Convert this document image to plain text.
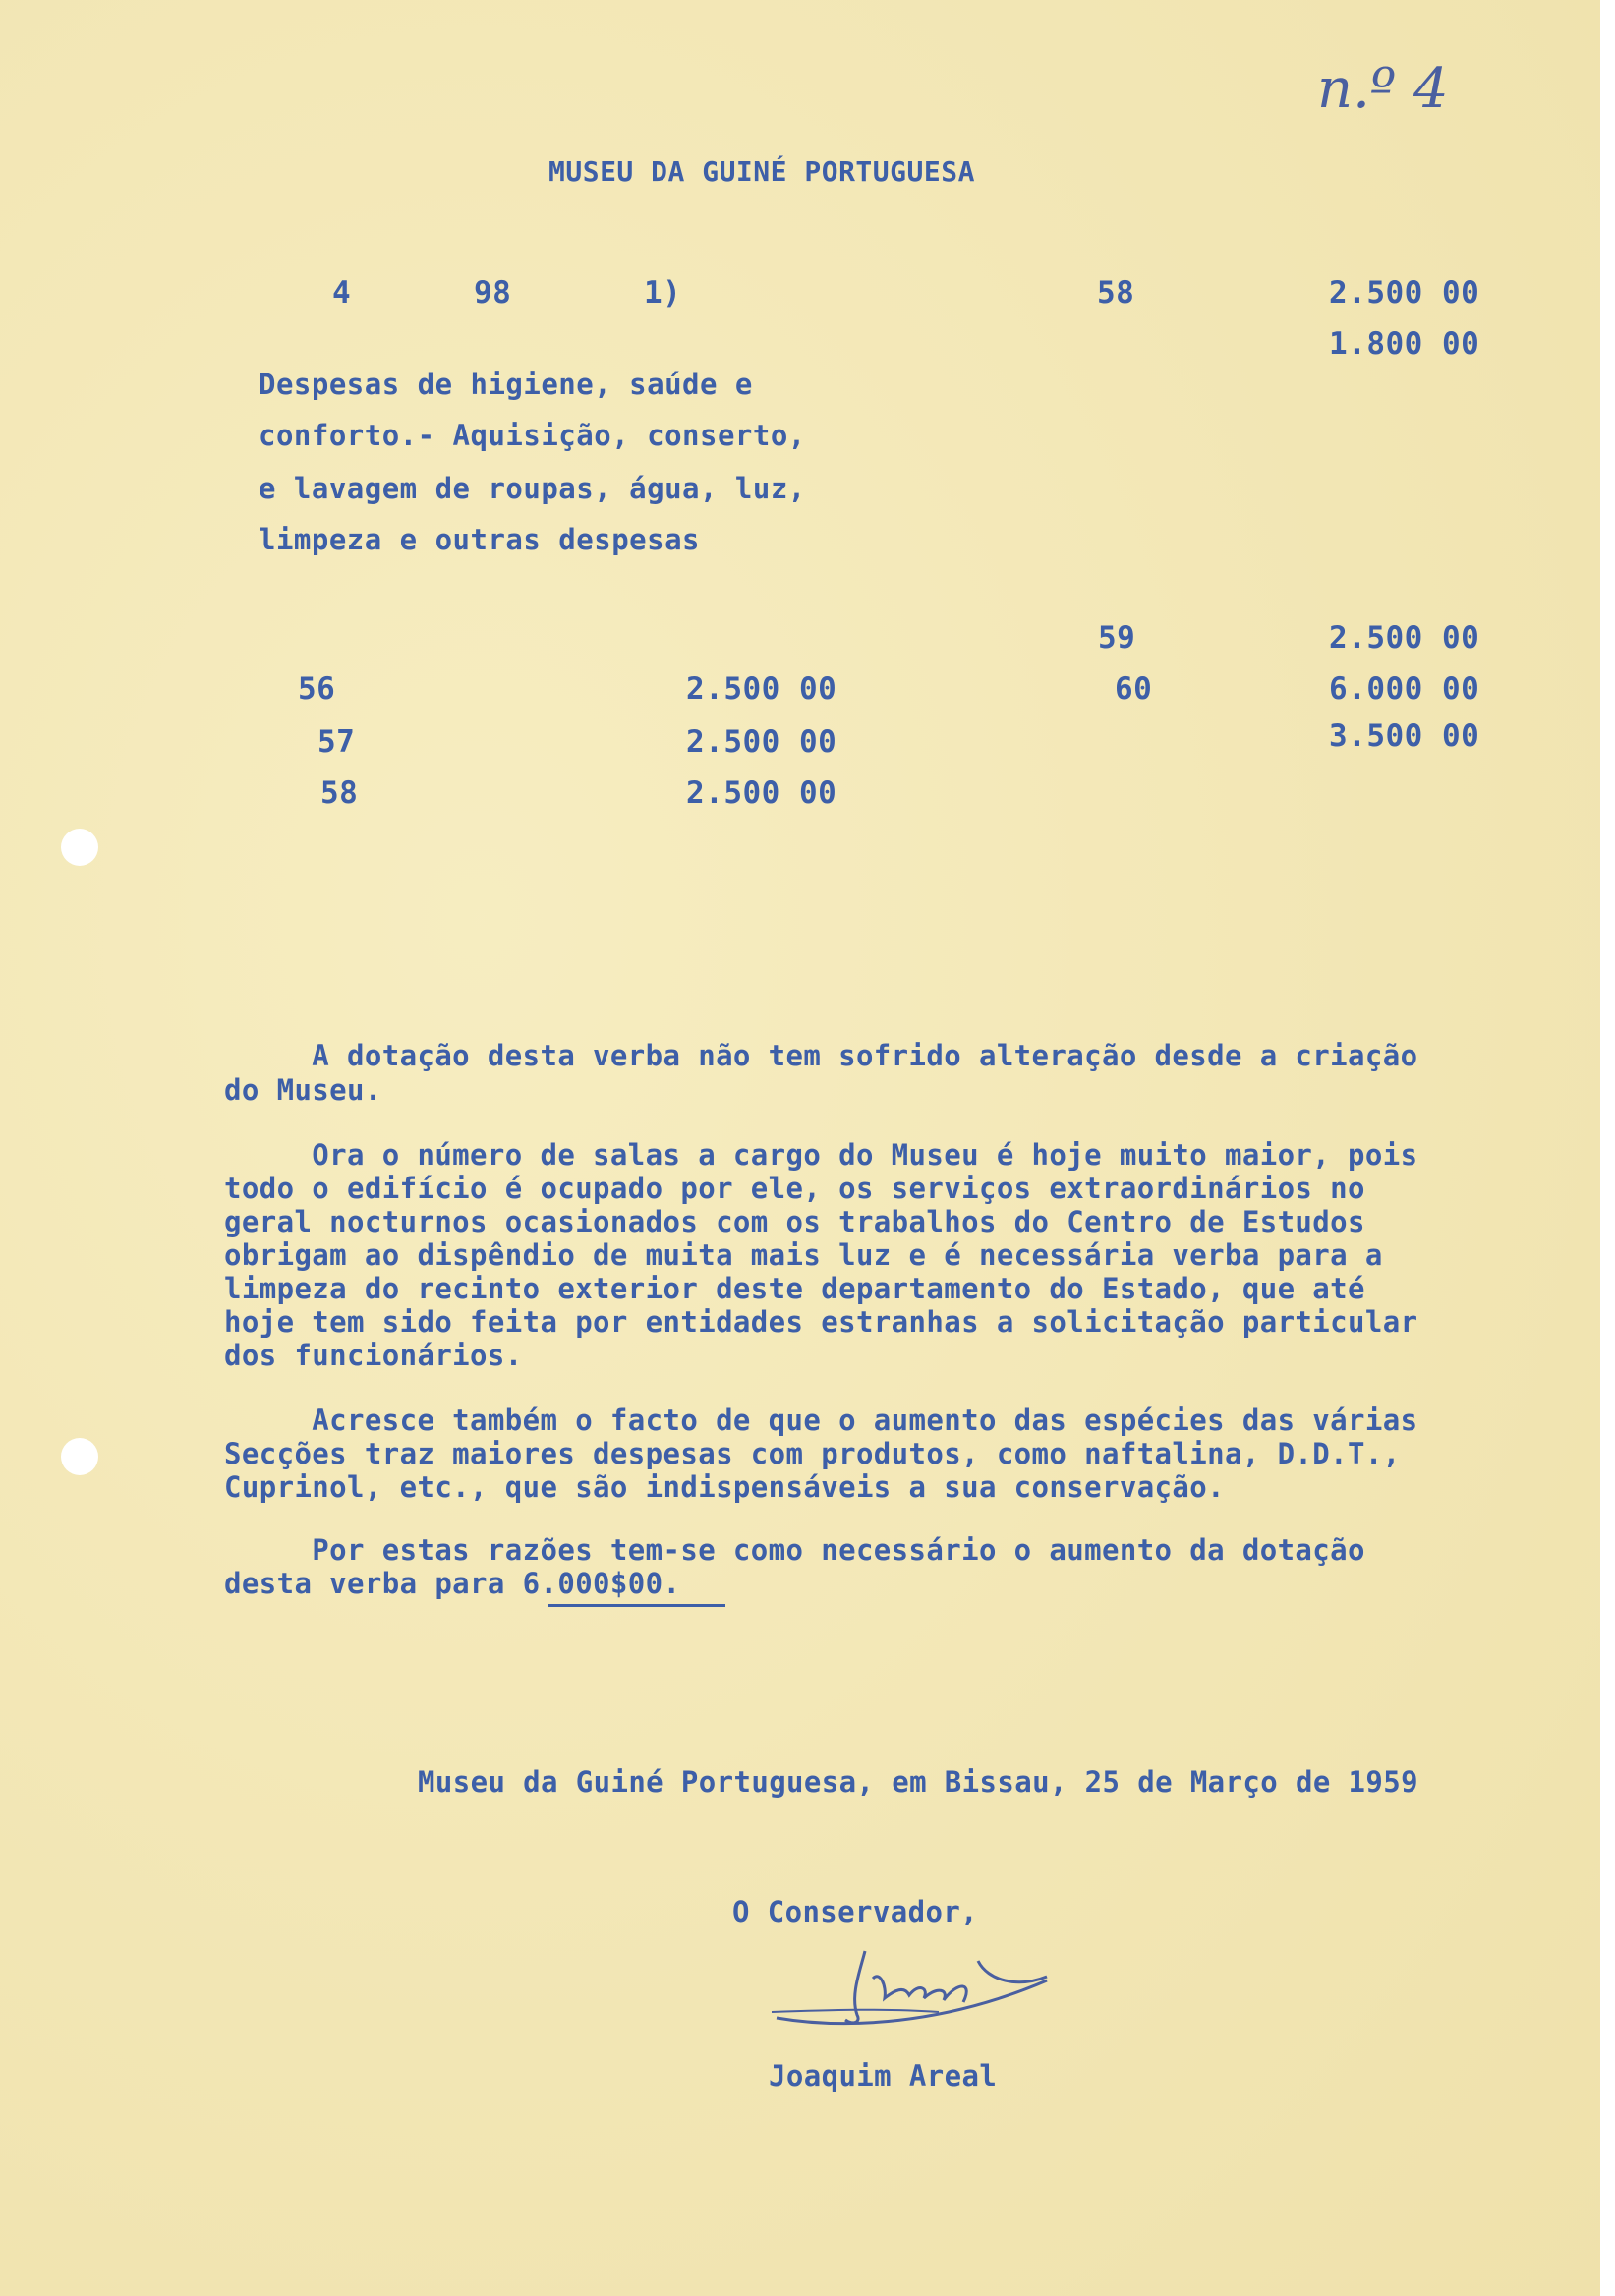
n.º 4
MUSEU DA GUINÉ PORTUGUESA
4	98	1)	58	2.500 00
1.800 00
Despesas de higiene, saúde e
conforto.- Aquisição, conserto,
e lavagem de roupas, água, luz,
limpeza e outras despesas
56	2.500 00
57	2.500 00
58	2.500 00
59	2.500 00
60	6.000 00
3.500 00
A dotação desta verba não tem sofrido alteração desde a criação
do Museu.
Ora o número de salas a cargo do Museu é hoje muito maior, pois
todo o edifício é ocupado por ele, os serviços extraordinários no
geral nocturnos ocasionados com os trabalhos do Centro de Estudos
obrigam ao dispêndio de muita mais luz e é necessária verba para a
limpeza do recinto exterior deste departamento do Estado, que até
hoje tem sido feita por entidades estranhas a solicitação particular
dos funcionários.
Acresce também o facto de que o aumento das espécies das várias
Secções traz maiores despesas com produtos, como naftalina, D.D.T.,
Cuprinol, etc., que são indispensáveis a sua conservação.
Por estas razões tem-se como necessário o aumento da dotação
desta verba para 6.000$00.
Museu da Guiné Portuguesa, em Bissau, 25 de Março de 1959
O Conservador,
Joaquim Areal
